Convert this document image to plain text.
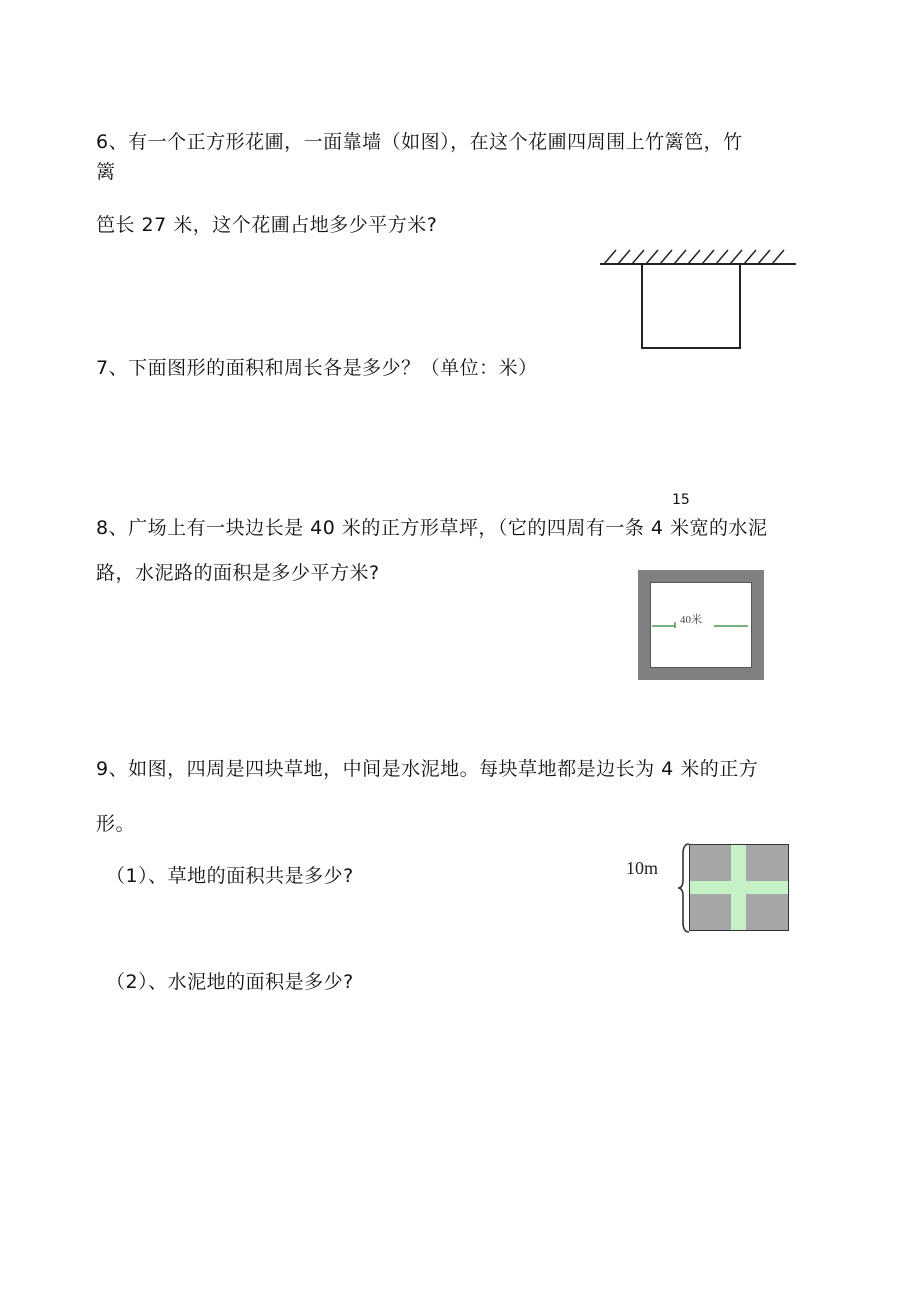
6、有一个正方形花圃，一面靠墙（如图），在这个花圃四周围上竹篱笆，竹
篱
笆长 27 米，这个花圃占地多少平方米?
7、下面图形的面积和周长各是多少？（单位：米）
15
8、广场上有一块边长是 40 米的正方形草坪，（它的四周有一条 4 米宽的水泥
路，水泥路的面积是多少平方米?
40米
9、如图，四周是四块草地，中间是水泥地。每块草地都是边长为 4 米的正方
形。
（1）、草地的面积共是多少?
（2）、水泥地的面积是多少?
10m
